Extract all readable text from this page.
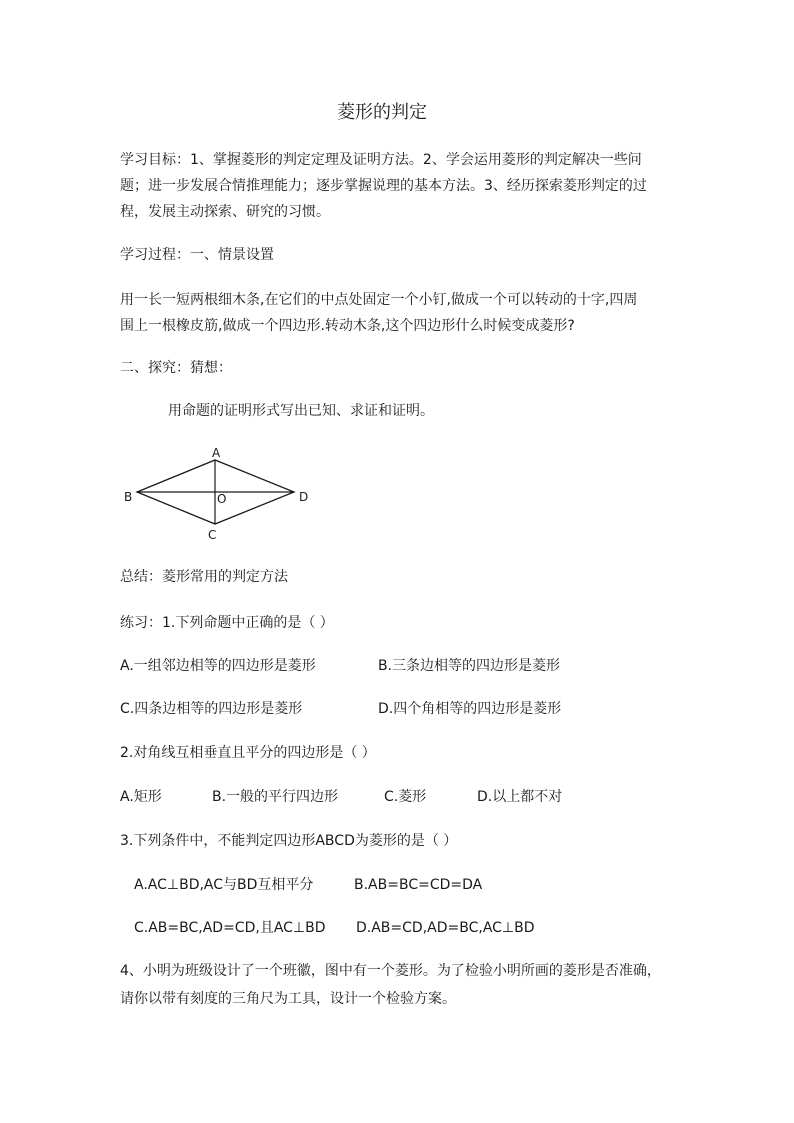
菱形的判定
学习目标：1、掌握菱形的判定定理及证明方法。2、学会运用菱形的判定解决一些问
题；进一步发展合情推理能力；逐步掌握说理的基本方法。3、经历探索菱形判定的过
程，发展主动探索、研究的习惯。
学习过程：一、情景设置
用一长一短两根细木条,在它们的中点处固定一个小钉,做成一个可以转动的十字,四周
围上一根橡皮筋,做成一个四边形.转动木条,这个四边形什么时候变成菱形?
二、探究：猜想：
用命题的证明形式写出已知、求证和证明。
A
B
C
D
O
总结：菱形常用的判定方法
练习：1.下列命题中正确的是（ ）
A.一组邻边相等的四边形是菱形	B.三条边相等的四边形是菱形
C.四条边相等的四边形是菱形	D.四个角相等的四边形是菱形
2.对角线互相垂直且平分的四边形是（ ）
A.矩形	B.一般的平行四边形	C.菱形	D.以上都不对
3.下列条件中，不能判定四边形ABCD为菱形的是（ ）
A.AC⊥BD,AC与BD互相平分	B.AB=BC=CD=DA
C.AB=BC,AD=CD,且AC⊥BD D.AB=CD,AD=BC,AC⊥BD
4、小明为班级设计了一个班徽，图中有一个菱形。为了检验小明所画的菱形是否准确，
请你以带有刻度的三角尺为工具，设计一个检验方案。
